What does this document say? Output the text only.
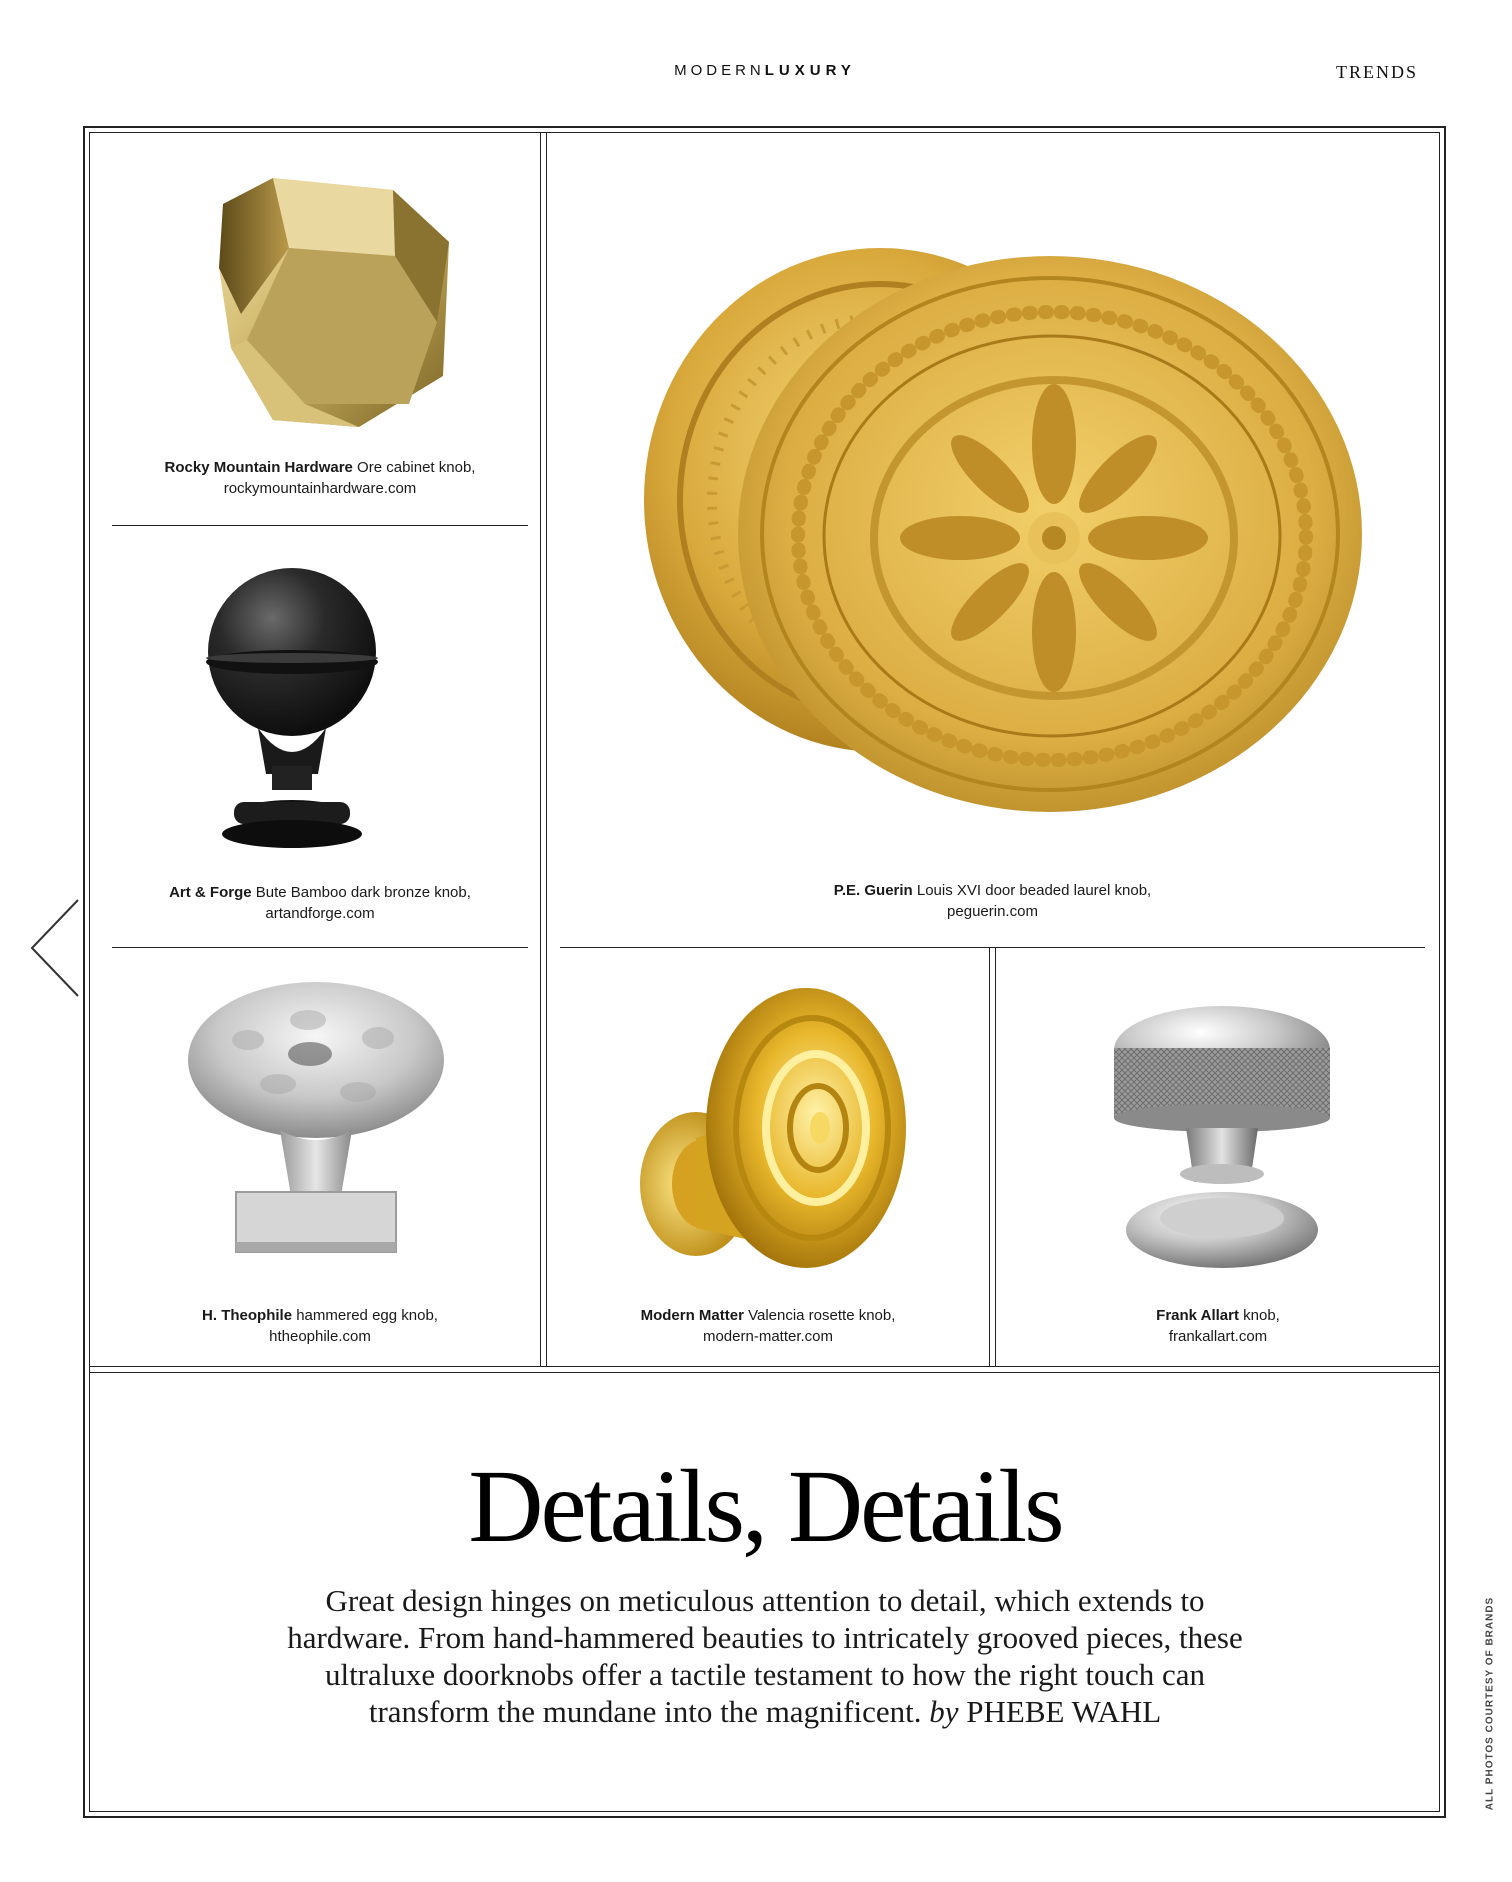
MODERNLUXURY	TRENDS
Rocky Mountain Hardware Ore cabinet knob,
rockymountainhardware.com
Art & Forge Bute Bamboo dark bronze knob,
artandforge.com
P.E. Guerin Louis XVI door beaded laurel knob,
peguerin.com
H. Theophile hammered egg knob,
htheophile.com
Modern Matter Valencia rosette knob,
modern-matter.com
Frank Allart knob,
frankallart.com
Details, Details
Great design hinges on meticulous attention to detail, which extends to hardware. From hand-hammered beauties to intricately grooved pieces, these ultraluxe doorknobs offer a tactile testament to how the right touch can transform the mundane into the magnificent. by PHEBE WAHL	ALL PHOTOS COURTESY OF BRANDS
